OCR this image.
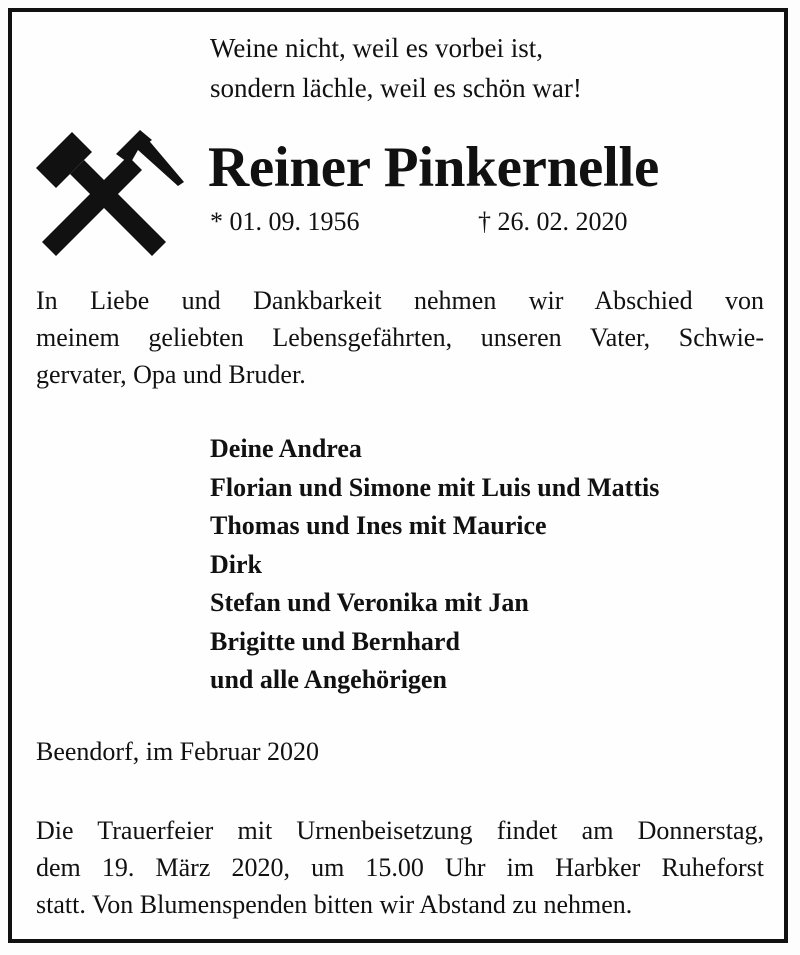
Weine nicht, weil es vorbei ist,
sondern lächle, weil es schön war!
Reiner Pinkernelle
* 01. 09. 1956	† 26. 02. 2020
In Liebe und Dankbarkeit nehmen wir Abschied von
meinem geliebten Lebensgefährten, unseren Vater, Schwie-
gervater, Opa und Bruder.
Deine Andrea
Florian und Simone mit Luis und Mattis
Thomas und Ines mit Maurice
Dirk
Stefan und Veronika mit Jan
Brigitte und Bernhard
und alle Angehörigen
Beendorf, im Februar 2020
Die Trauerfeier mit Urnenbeisetzung findet am Donnerstag,
dem 19. März 2020, um 15.00 Uhr im Harbker Ruheforst
statt. Von Blumenspenden bitten wir Abstand zu nehmen.
